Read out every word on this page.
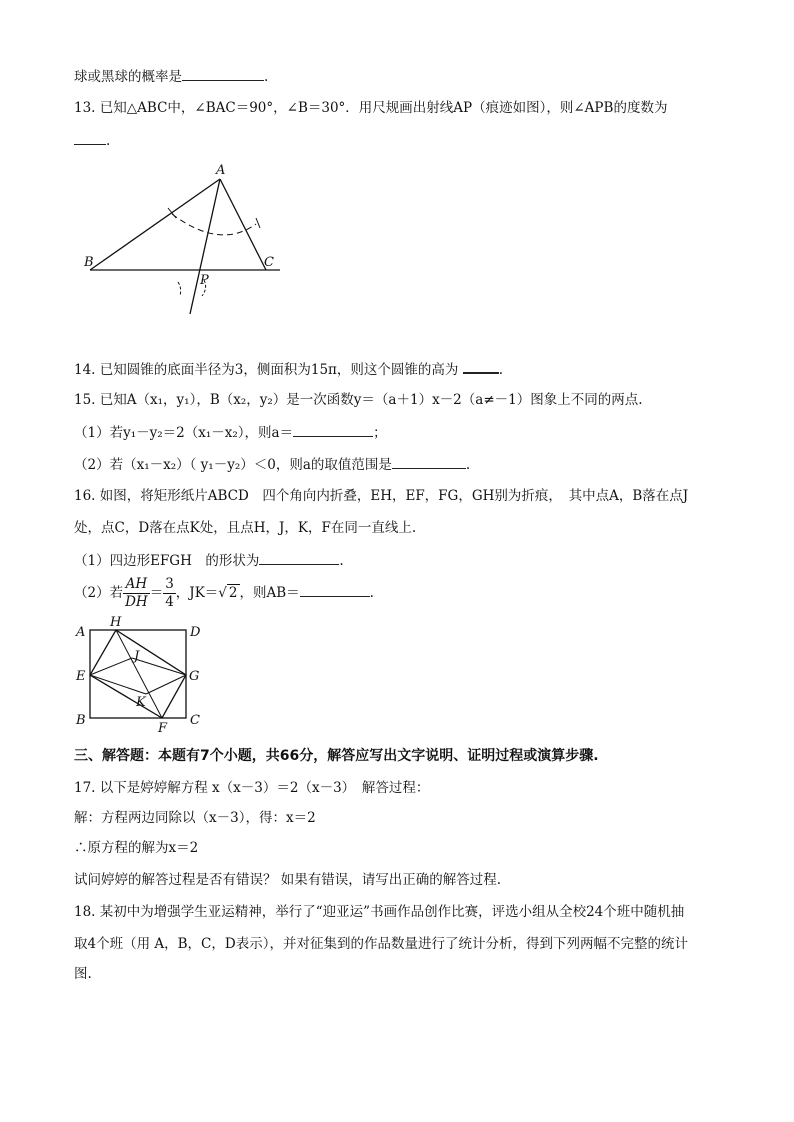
球或黑球的概率是	.
13. 已知△ABC中，∠BAC＝90°，∠B＝30°．用尺规画出射线AP（痕迹如图），则∠APB的度数为
.
A
B	C
P
14. 已知圆锥的底面半径为3，侧面积为15π，则这个圆锥的高为	.
15. 已知A（x₁，y₁），B（x₂，y₂）是一次函数y＝（a＋1）x－2（a≠－1）图象上不同的两点.
（1）若y₁－y₂＝2（x₁－x₂），则a＝	；
（2）若（x₁－x₂）（ y₁－y₂）＜0，则a的取值范围是	.
16. 如图，将矩形纸片ABCD　四个角向内折叠，EH，EF，FG，GH别为折痕，　其中点A，B落在点J
处，点C，D落在点K处，且点H，J，K，F在同一直线上.
（1）四边形EFGH　的形状为	.
（2）若 $\frac{AH}{DH} = \frac{3}{4}$ ，JK＝√ 2 ，则AB＝	.
A
H
D
J
E	G
K
B
F
C
三、解答题：本题有7个小题，共66分，解答应写出文字说明、证明过程或演算步骤.
17. 以下是婷婷解方程 x（x－3）＝2（x－3）　解答过程：
解：方程两边同除以（x－3），得：x＝2
∴原方程的解为x＝2
试问婷婷的解答过程是否有错误？ 如果有错误，请写出正确的解答过程.
18. 某初中为增强学生亚运精神，举行了“迎亚运”书画作品创作比赛，评选小组从全校24个班中随机抽
取4个班（用 A，B，C，D表示），并对征集到的作品数量进行了统计分析，得到下列两幅不完整的统计
图.
